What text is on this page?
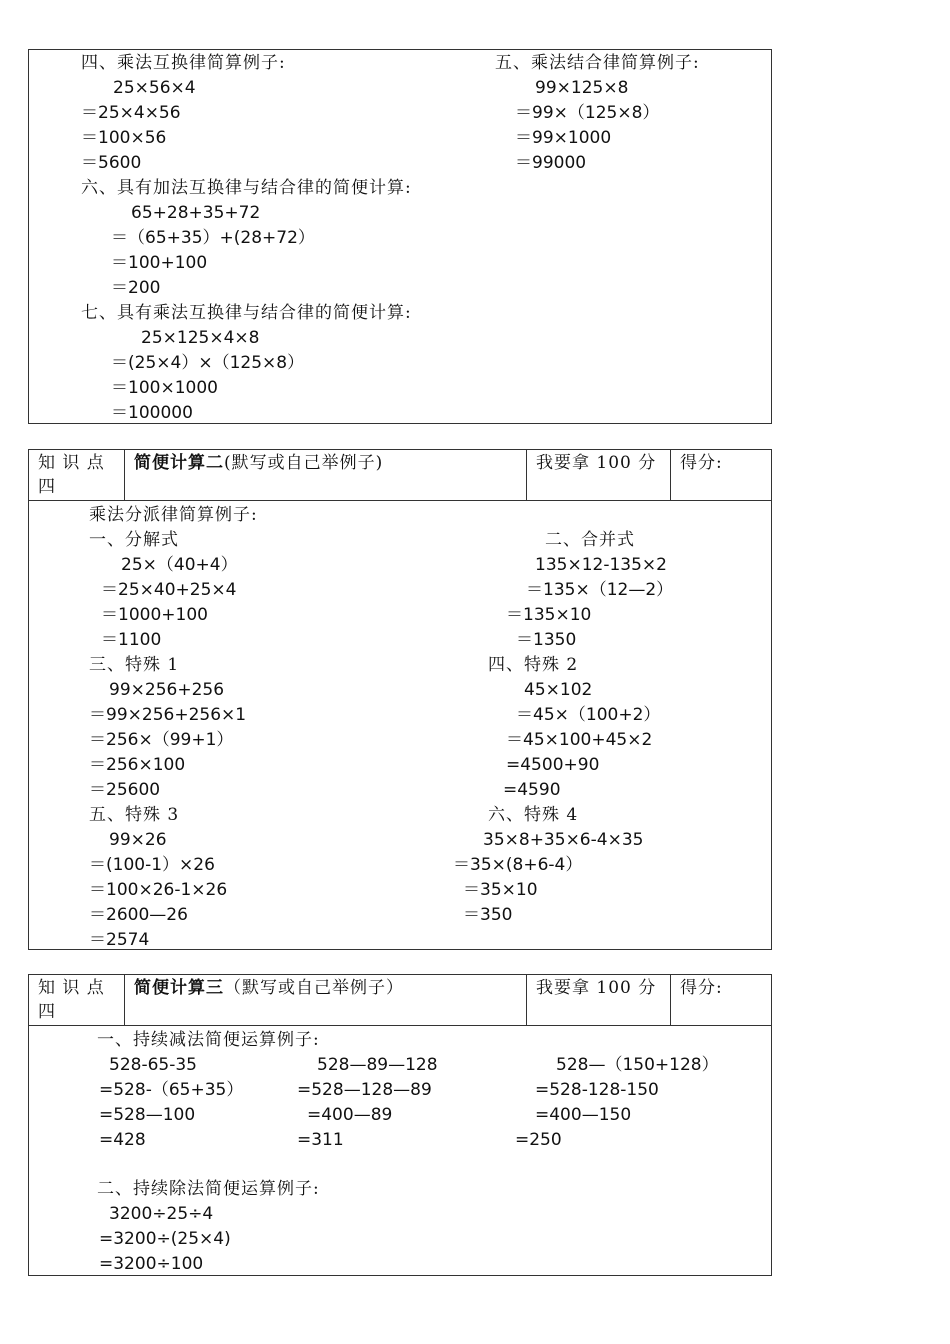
四、乘法互换律简算例子:
25×56×4
＝25×4×56
＝100×56
＝5600
六、具有加法互换律与结合律的简便计算:
65+28+35+72
＝（65+35）+(28+72）
＝100+100
＝200
七、具有乘法互换律与结合律的简便计算:
25×125×4×8
＝(25×4）×（125×8）
＝100×1000
＝100000
五、乘法结合律简算例子:
99×125×8
＝99×（125×8）
＝99×1000
＝99000
知 识 点
四
简便计算二(默写或自己举例子)	我要拿 100 分 得分:
乘法分派律简算例子:
一、分解式
25×（40+4）
＝25×40+25×4
＝1000+100
＝1100
三、特殊 1
99×256+256
＝99×256+256×1
＝256×（99+1）
＝256×100
＝25600
五、特殊 3
99×26
＝(100-1）×26
＝100×26-1×26
＝2600—26
＝2574
二、合并式
135×12-135×2
＝135×（12—2）
＝135×10
＝1350
四、特殊 2
45×102
＝45×（100+2）
＝45×100+45×2
=4500+90
=4590
六、特殊 4
35×8+35×6-4×35
＝35×(8+6-4）
＝35×10
＝350
知 识 点
四
简便计算三（默写或自己举例子）	我要拿 100 分 得分:
一、持续减法简便运算例子:
528-65-35
=528-（65+35）
=528—100
=428
528—89—128
=528—128—89
=400—89
=311
528—（150+128）
=528-128-150
=400—150
=250
二、持续除法简便运算例子:
3200÷25÷4
=3200÷(25×4)
=3200÷100
